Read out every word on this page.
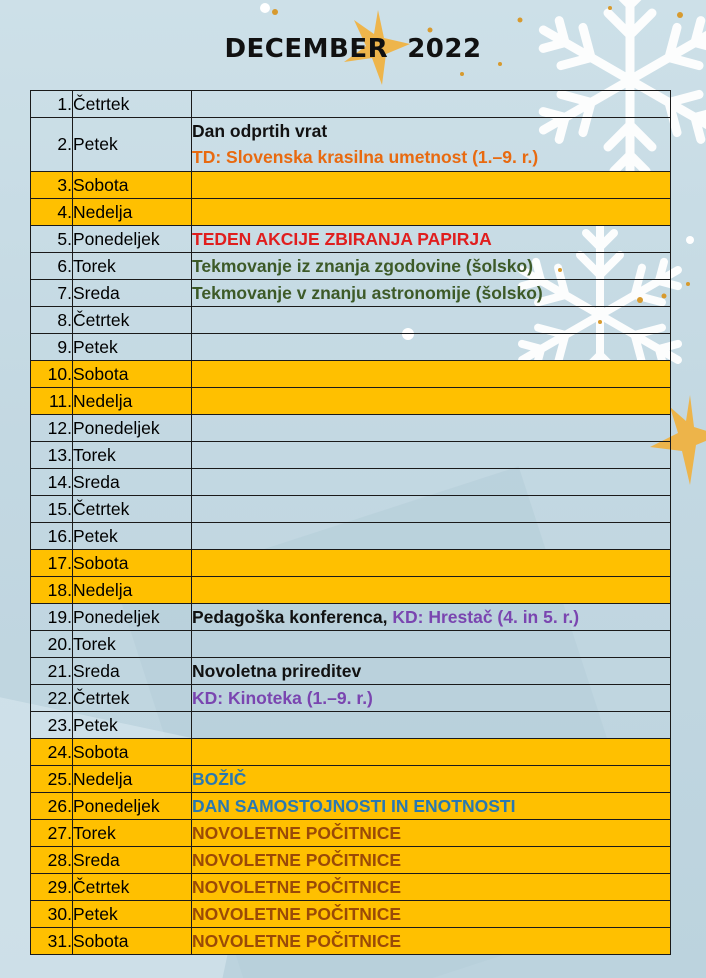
DECEMBER  2022
1.	Četrtek	
2.	Petek	Dan odprtih vrat
TD: Slovenska krasilna umetnost (1.–9. r.)

3.	Sobota	
4.	Nedelja	
5.	Ponedeljek	TEDEN AKCIJE ZBIRANJA PAPIRJA

6.	Torek	Tekmovanje iz znanja zgodovine (šolsko)

7.	Sreda	Tekmovanje v znanju astronomije (šolsko)

8.	Četrtek	
9.	Petek	
10.	Sobota	
11.	Nedelja	
12.	Ponedeljek	
13.	Torek	
14.	Sreda	
15.	Četrtek	
16.	Petek	
17.	Sobota	
18.	Nedelja	
19.	Ponedeljek	Pedagoška konferenca, KD: Hrestač (4. in 5. r.)

20.	Torek	
21.	Sreda	Novoletna prireditev

22.	Četrtek	KD: Kinoteka (1.–9. r.)

23.	Petek	
24.	Sobota	
25.	Nedelja	BOŽIČ

26.	Ponedeljek	DAN SAMOSTOJNOSTI IN ENOTNOSTI

27.	Torek	NOVOLETNE POČITNICE

28.	Sreda	NOVOLETNE POČITNICE

29.	Četrtek	NOVOLETNE POČITNICE

30.	Petek	NOVOLETNE POČITNICE

31.	Sobota	NOVOLETNE POČITNICE
